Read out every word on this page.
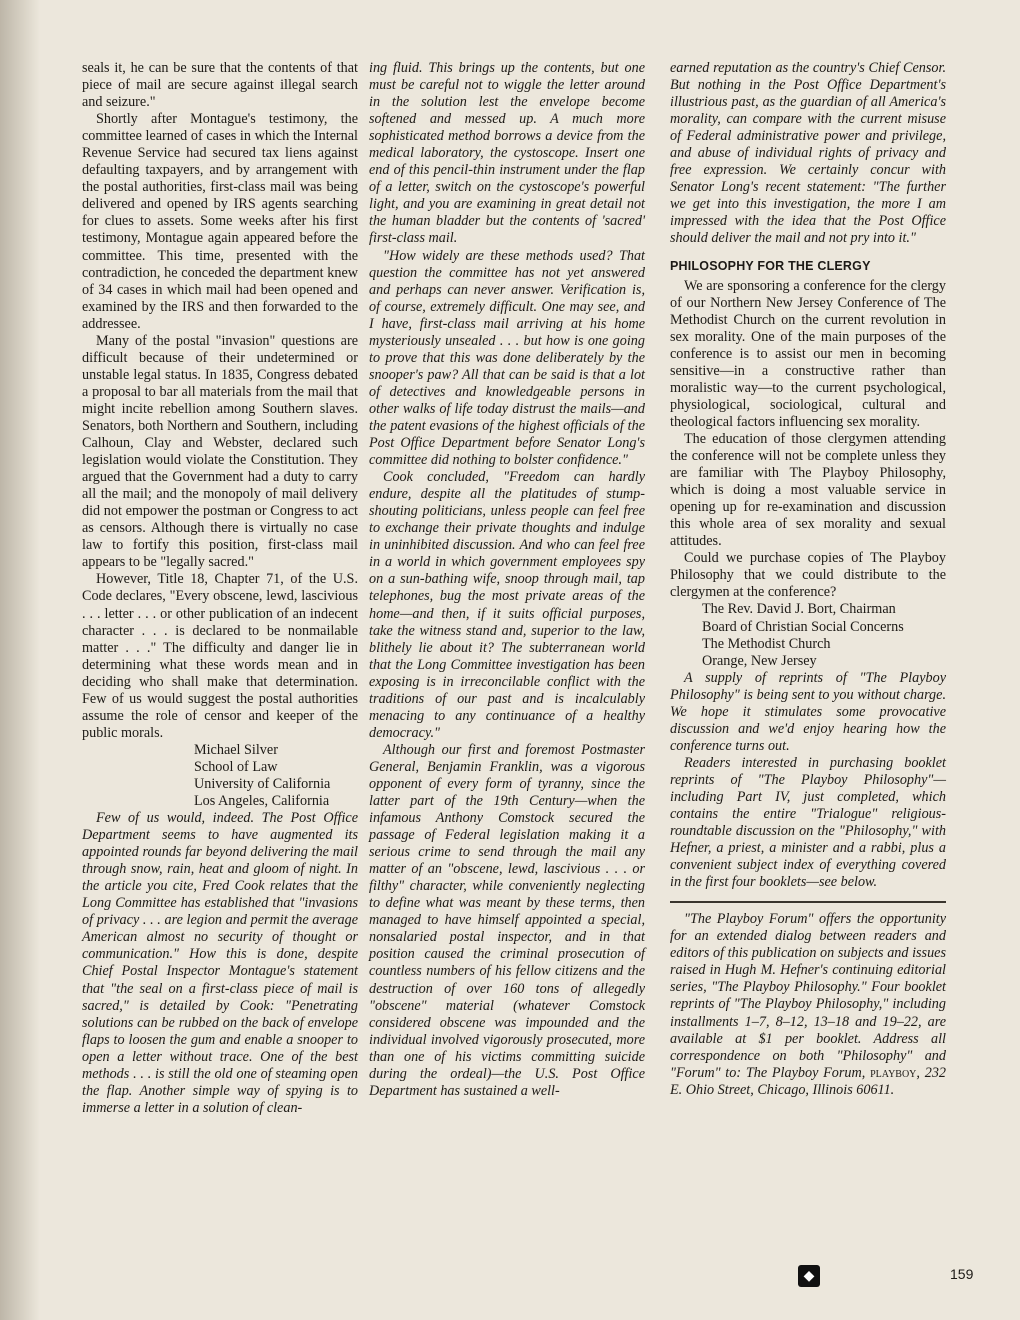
seals it, he can be sure that the contents of that piece of mail are secure against illegal search and seizure."

Shortly after Montague's testimony, the committee learned of cases in which the Internal Revenue Service had secured tax liens against defaulting taxpayers, and by arrangement with the postal authorities, first-class mail was being delivered and opened by IRS agents searching for clues to assets. Some weeks after his first testimony, Montague again appeared before the committee. This time, presented with the contradiction, he conceded the department knew of 34 cases in which mail had been opened and examined by the IRS and then forwarded to the addressee.

Many of the postal "invasion" questions are difficult because of their undetermined or unstable legal status. In 1835, Congress debated a proposal to bar all materials from the mail that might incite rebellion among Southern slaves. Senators, both Northern and Southern, including Calhoun, Clay and Webster, declared such legislation would violate the Constitution. They argued that the Government had a duty to carry all the mail; and the monopoly of mail delivery did not empower the postman or Congress to act as censors. Although there is virtually no case law to fortify this position, first-class mail appears to be "legally sacred."

However, Title 18, Chapter 71, of the U.S. Code declares, "Every obscene, lewd, lascivious . . . letter . . . or other publication of an indecent character . . . is declared to be nonmailable matter . . ." The difficulty and danger lie in determining what these words mean and in deciding who shall make that determination. Few of us would suggest the postal authorities assume the role of censor and keeper of the public morals.

Michael Silver

School of Law

University of California

Los Angeles, California

Few of us would, indeed. The Post Office Department seems to have augmented its appointed rounds far beyond delivering the mail through snow, rain, heat and gloom of night. In the article you cite, Fred Cook relates that the Long Committee has established that "invasions of privacy . . . are legion and permit the average American almost no security of thought or communication." How this is done, despite Chief Postal Inspector Montague's statement that "the seal on a first-class piece of mail is sacred," is detailed by Cook: "Penetrating solutions can be rubbed on the back of envelope flaps to loosen the gum and enable a snooper to open a letter without trace. One of the best methods . . . is still the old one of steaming open the flap. Another simple way of spying is to immerse a letter in a solution of clean-

ing fluid. This brings up the contents, but one must be careful not to wiggle the letter around in the solution lest the envelope become softened and messed up. A much more sophisticated method borrows a device from the medical laboratory, the cystoscope. Insert one end of this pencil-thin instrument under the flap of a letter, switch on the cystoscope's powerful light, and you are examining in great detail not the human bladder but the contents of 'sacred' first-class mail.

"How widely are these methods used? That question the committee has not yet answered and perhaps can never answer. Verification is, of course, extremely difficult. One may see, and I have, first-class mail arriving at his home mysteriously unsealed . . . but how is one going to prove that this was done deliberately by the snooper's paw? All that can be said is that a lot of detectives and knowledgeable persons in other walks of life today distrust the mails—and the patent evasions of the highest officials of the Post Office Department before Senator Long's committee did nothing to bolster confidence."

Cook concluded, "Freedom can hardly endure, despite all the platitudes of stump-shouting politicians, unless people can feel free to exchange their private thoughts and indulge in uninhibited discussion. And who can feel free in a world in which government employees spy on a sun-bathing wife, snoop through mail, tap telephones, bug the most private areas of the home—and then, if it suits official purposes, take the witness stand and, superior to the law, blithely lie about it? The subterranean world that the Long Committee investigation has been exposing is in irreconcilable conflict with the traditions of our past and is incalculably menacing to any continuance of a healthy democracy."

Although our first and foremost Postmaster General, Benjamin Franklin, was a vigorous opponent of every form of tyranny, since the latter part of the 19th Century—when the infamous Anthony Comstock secured the passage of Federal legislation making it a serious crime to send through the mail any matter of an "obscene, lewd, lascivious . . . or filthy" character, while conveniently neglecting to define what was meant by these terms, then managed to have himself appointed a special, nonsalaried postal inspector, and in that position caused the criminal prosecution of countless numbers of his fellow citizens and the destruction of over 160 tons of allegedly "obscene" material (whatever Comstock considered obscene was impounded and the individual involved vigorously prosecuted, more than one of his victims committing suicide during the ordeal)—the U.S. Post Office Department has sustained a well-

earned reputation as the country's Chief Censor. But nothing in the Post Office Department's illustrious past, as the guardian of all America's morality, can compare with the current misuse of Federal administrative power and privilege, and abuse of individual rights of privacy and free expression. We certainly concur with Senator Long's recent statement: "The further we get into this investigation, the more I am impressed with the idea that the Post Office should deliver the mail and not pry into it."

PHILOSOPHY FOR THE CLERGY

We are sponsoring a conference for the clergy of our Northern New Jersey Conference of The Methodist Church on the current revolution in sex morality. One of the main purposes of the conference is to assist our men in becoming sensitive—in a constructive rather than moralistic way—to the current psychological, physiological, sociological, cultural and theological factors influencing sex morality.

The education of those clergymen attending the conference will not be complete unless they are familiar with The Playboy Philosophy, which is doing a most valuable service in opening up for re-examination and discussion this whole area of sex morality and sexual attitudes.

Could we purchase copies of The Playboy Philosophy that we could distribute to the clergymen at the conference?

The Rev. David J. Bort, Chairman

Board of Christian Social Concerns

The Methodist Church

Orange, New Jersey

A supply of reprints of "The Playboy Philosophy" is being sent to you without charge. We hope it stimulates some provocative discussion and we'd enjoy hearing how the conference turns out.

Readers interested in purchasing booklet reprints of "The Playboy Philosophy"—including Part IV, just completed, which contains the entire "Trialogue" religious-roundtable discussion on the "Philosophy," with Hefner, a priest, a minister and a rabbi, plus a convenient subject index of everything covered in the first four booklets—see below.

"The Playboy Forum" offers the opportunity for an extended dialog between readers and editors of this publication on subjects and issues raised in Hugh M. Hefner's continuing editorial series, "The Playboy Philosophy." Four booklet reprints of "The Playboy Philosophy," including installments 1–7, 8–12, 13–18 and 19–22, are available at $1 per booklet. Address all correspondence on both "Philosophy" and "Forum" to: The Playboy Forum, playboy, 232 E. Ohio Street, Chicago, Illinois 60611.

◆	159
